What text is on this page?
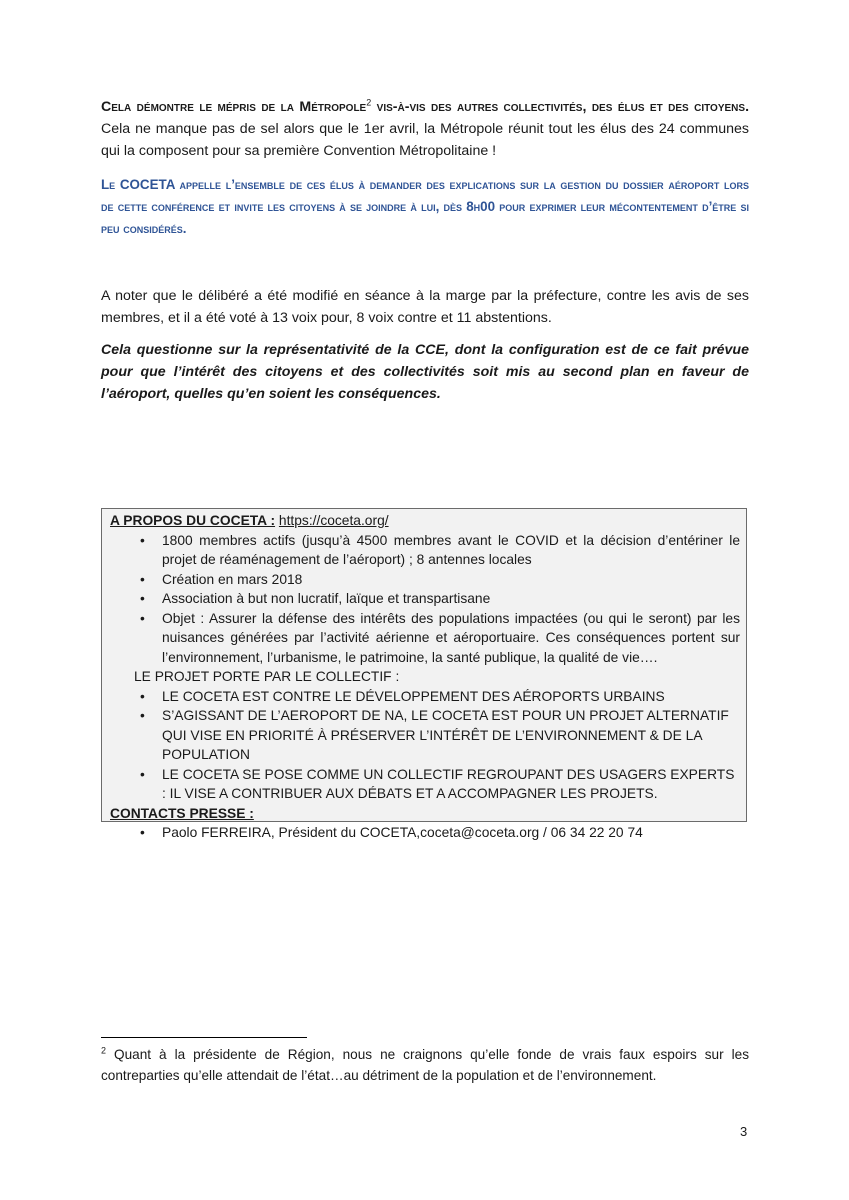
Cela démontre le mépris de la Métropole$^2$ vis-à-vis des autres collectivités, des élus et des citoyens. Cela ne manque pas de sel alors que le 1er avril, la Métropole réunit tout les élus des 24 communes qui la composent pour sa première Convention Métropolitaine !
Le COCETA appelle l’ensemble de ces élus à demander des explications sur la gestion du dossier aéroport lors de cette conférence et invite les citoyens à se joindre à lui, dès 8h00 pour exprimer leur mécontentement d’être si peu considérés.
A noter que le délibéré a été modifié en séance à la marge par la préfecture, contre les avis de ses membres, et il a été voté à 13 voix pour, 8 voix contre et 11 abstentions.
Cela questionne sur la représentativité de la CCE, dont la configuration est de ce fait prévue pour que l’intérêt des citoyens et des collectivités soit mis au second plan en faveur de l’aéroport, quelles qu’en soient les conséquences.
A PROPOS DU COCETA : https://coceta.org/
• 1800 membres actifs (jusqu’à 4500 membres avant le COVID et la décision d’entériner le projet de réaménagement de l’aéroport) ; 8 antennes locales
• Création en mars 2018
• Association à but non lucratif, laïque et transpartisane
• Objet : Assurer la défense des intérêts des populations impactées (ou qui le seront) par les nuisances générées par l’activité aérienne et aéroportuaire. Ces conséquences portent sur l’environnement, l’urbanisme, le patrimoine, la santé publique, la qualité de vie….
LE PROJET PORTE PAR LE COLLECTIF :
• LE COCETA EST CONTRE LE DÉVELOPPEMENT DES AÉROPORTS URBAINS
• S’AGISSANT DE L’AEROPORT DE NA, LE COCETA EST POUR UN PROJET ALTERNATIF QUI VISE EN PRIORITÉ À PRÉSERVER L’INTÉRÊT DE L’ENVIRONNEMENT & DE LA POPULATION
• LE COCETA SE POSE COMME UN COLLECTIF REGROUPANT DES USAGERS EXPERTS : IL VISE A CONTRIBUER AUX DÉBATS ET A ACCOMPAGNER LES PROJETS.
CONTACTS PRESSE :
• Paolo FERREIRA, Président du COCETA,coceta@coceta.org / 06 34 22 20 74
$^2$ Quant à la présidente de Région, nous ne craignons qu’elle fonde de vrais faux espoirs sur les contreparties qu’elle attendait de l’état…au détriment de la population et de l’environnement.
3
